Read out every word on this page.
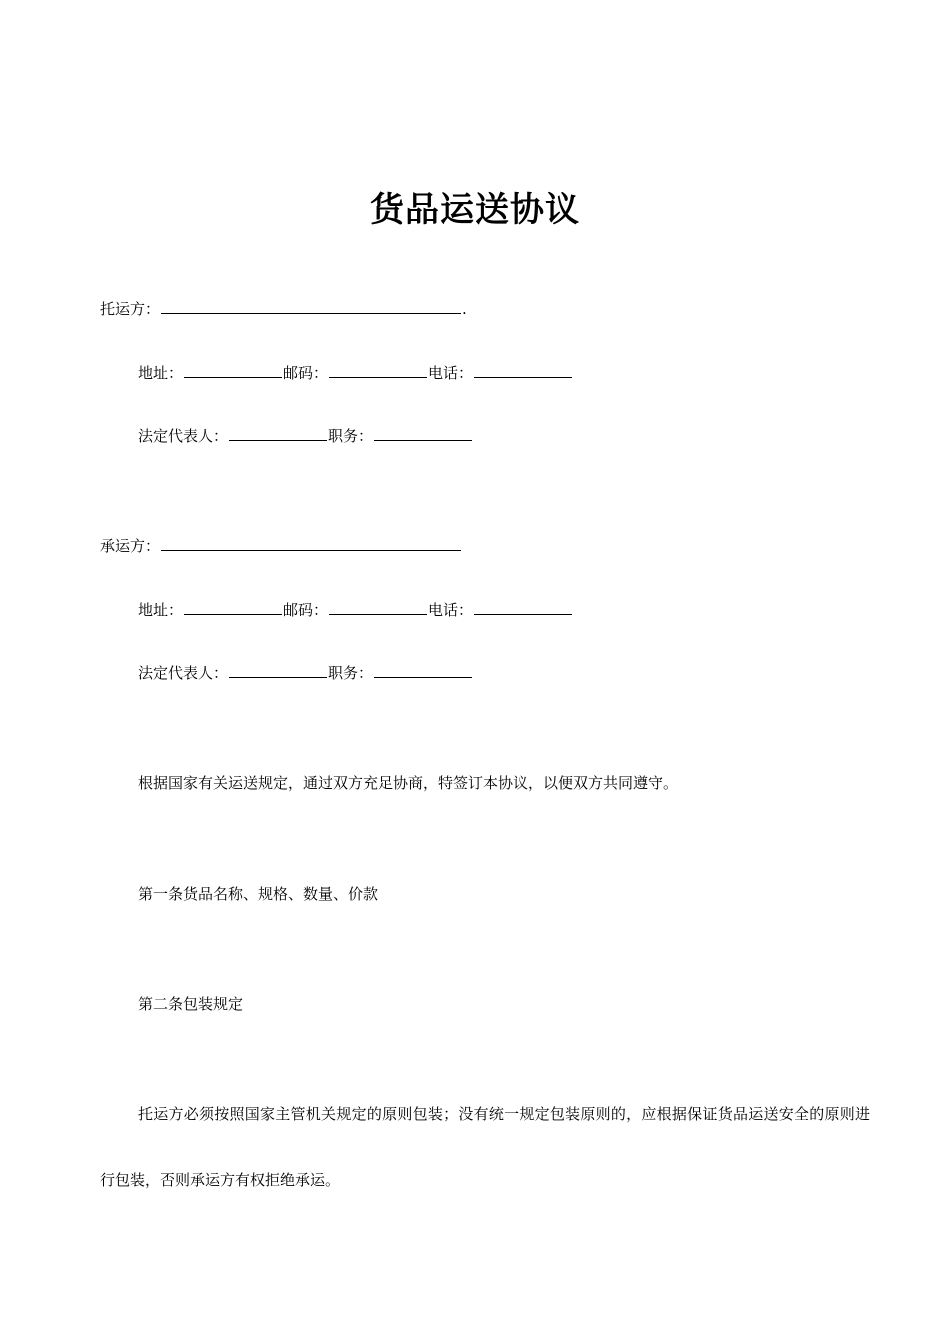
货品运送协议
托运方：	.
地址：	邮码：	电话：
法定代表人：	职务：
承运方：
地址：	邮码：	电话：
法定代表人：	职务：
根据国家有关运送规定，通过双方充足协商，特签订本协议，以便双方共同遵守。
第一条货品名称、规格、数量、价款
第二条包装规定
托运方必须按照国家主管机关规定的原则包装；没有统一规定包装原则的，应根据保证货品运送安全的原则进行包装，否则承运方有权拒绝承运。
